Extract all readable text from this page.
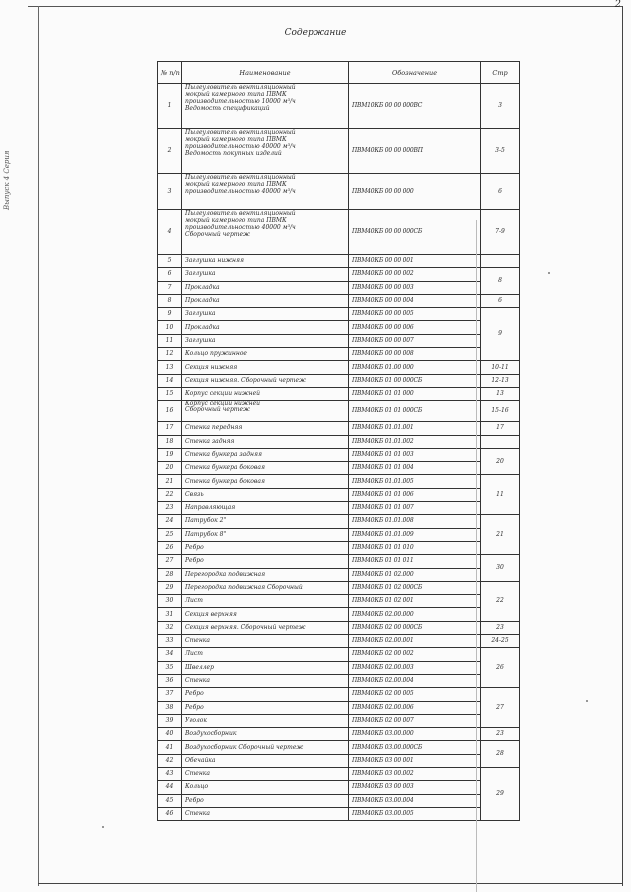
2
Выпуск 4 Серия
Содержание
№ п/п	Наименование	Обозначение	Стр	
1	Пылеуловитель вентиляционный
мокрый камерного типа ПВМК
производительностью 10000 м³/ч
Ведомость спецификаций	ПВМ10КБ 00 00 000ВС	3	
2	Пылеуловитель вентиляционный
мокрый камерного типа ПВМК
производительностью 40000 м³/ч
Ведомость покупных изделий	ПВМ40КБ 00 00 000ВП	3-5	
3	Пылеуловитель вентиляционный
мокрый камерного типа ПВМК
производительностью 40000 м³/ч	ПВМ40КБ 00 00 000	6	
4	Пылеуловитель вентиляционный
мокрый камерного типа ПВМК
производительностью 40000 м³/ч
Сборочный чертеж	ПВМ40КБ 00 00 000СБ	7-9	
5	Заглушка нижняя	ПВМ40КБ 00 00 001		
6	Заглушка	ПВМ40КБ 00 00 002	8	
7	Прокладка	ПВМ40КБ 00 00 003		
8	Прокладка	ПВМ40КБ 00 00 004	6	
9	Заглушка	ПВМ40КБ 00 00 005	9	
10	Прокладка	ПВМ40КБ 00 00 006		
11	Заглушка	ПВМ40КБ 00 00 007		
12	Кольцо пружинное	ПВМ40КБ 00 00 008	
13	Секция нижняя	ПВМ40КБ 01.00 000	10-11	
14	Секция нижняя. Сборочный чертеж	ПВМ40КБ 01 00 000СБ	12-13	
15	Корпус секции нижней	ПВМ40КБ 01 01 000	13	
16	Корпус секции нижней
Сборочный чертеж	ПВМ40КБ 01 01 000СБ	15-16	
17	Стенка передняя	ПВМ40КБ 01.01.001	17	
18	Стенка задняя	ПВМ40КБ 01.01.002		
19	Стенка бункера задняя	ПВМ40КБ 01 01 003	20	
20	Стенка бункера боковая	ПВМ40КБ 01 01 004		
21	Стенка бункера боковая	ПВМ40КБ 01.01.005	11	
22	Связь	ПВМ40КБ 01 01 006		
23	Направляющая	ПВМ40КБ 01 01 007		
24	Патрубок 2"	ПВМ40КБ 01.01.008	21	
25	Патрубок 8"	ПВМ40КБ 01.01.009		
26	Ребро	ПВМ40КБ 01 01 010		
27	Ребро	ПВМ40КБ 01 01 011	30	
28	Перегородка подвижная	ПВМ40КБ 01 02.000		
29	Перегородка подвижная Сборочный	ПВМ40КБ 01 02 000СБ	22	
30	Лист	ПВМ40КБ 01 02 001		
31	Секция верхняя	ПВМ40КБ 02.00.000		
32	Секция верхняя. Сборочный чертеж	ПВМ40КБ 02 00 000СБ	23	
33	Стенка	ПВМ40КБ 02.00.001	24-25	
34	Лист	ПВМ40КБ 02 00 002	26	
35	Швеллер	ПВМ40КБ 02.00.003		
36	Стенка	ПВМ40КБ 02.00.004		
37	Ребро	ПВМ40КБ 02 00 005	27	
38	Ребро	ПВМ40КБ 02.00.006		
39	Уголок	ПВМ40КБ 02 00 007		
40	Воздухосборник	ПВМ40КБ 03.00.000	23	
41	Воздухосборник Сборочный чертеж	ПВМ40КБ 03.00.000СБ	28	
42	Обечайка	ПВМ40КБ 03 00 001		
43	Стенка	ПВМ40КБ 03 00.002	29	
44	Кольцо	ПВМ40КБ 03 00 003		
45	Ребро	ПВМ40КБ 03.00.004		
46	Стенка	ПВМ40КБ 03.00.005		
